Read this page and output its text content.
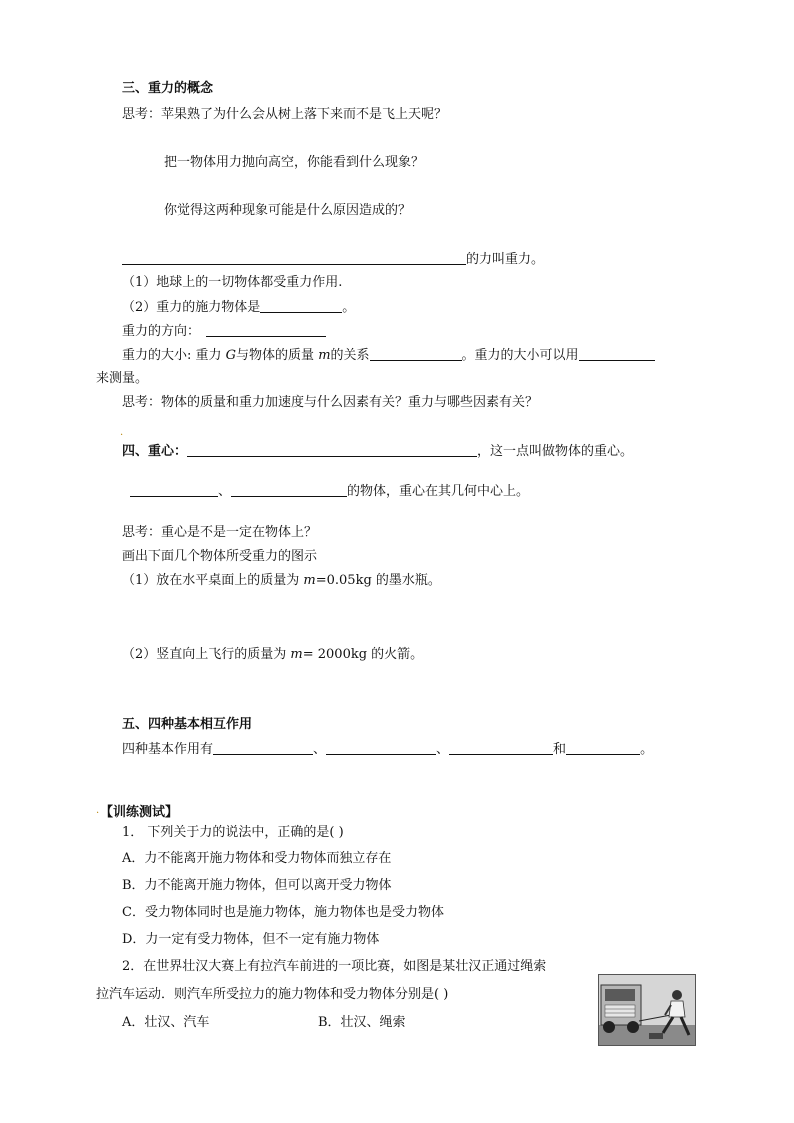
三、重力的概念
思考：苹果熟了为什么会从树上落下来而不是飞上天呢？
把一物体用力抛向高空，你能看到什么现象？
你觉得这两种现象可能是什么原因造成的？
的力叫重力。
（1）地球上的一切物体都受重力作用.
（2）重力的施力物体是	。
重力的方向：
重力的大小: 重力 G与物体的质量 m的关系	。重力的大小可以用
来测量。
思考：物体的质量和重力加速度与什么因素有关？重力与哪些因素有关？
.
四、重心：	，这一点叫做物体的重心。
、	的物体，重心在其几何中心上。
思考：重心是不是一定在物体上？
画出下面几个物体所受重力的图示
（1）放在水平桌面上的质量为 m=0.05kg 的墨水瓶。
（2）竖直向上飞行的质量为 m= 2000kg 的火箭。
五、四种基本相互作用
四种基本作用有	、	、	和	。
. 【训练测试】
1． 下列关于力的说法中，正确的是( )
A．力不能离开施力物体和受力物体而独立存在
B．力不能离开施力物体，但可以离开受力物体
C．受力物体同时也是施力物体，施力物体也是受力物体
D．力一定有受力物体，但不一定有施力物体
2．在世界壮汉大赛上有拉汽车前进的一项比赛，如图是某壮汉正通过绳索
拉汽车运动．则汽车所受拉力的施力物体和受力物体分别是( )
A．壮汉、汽车	B．壮汉、绳索
